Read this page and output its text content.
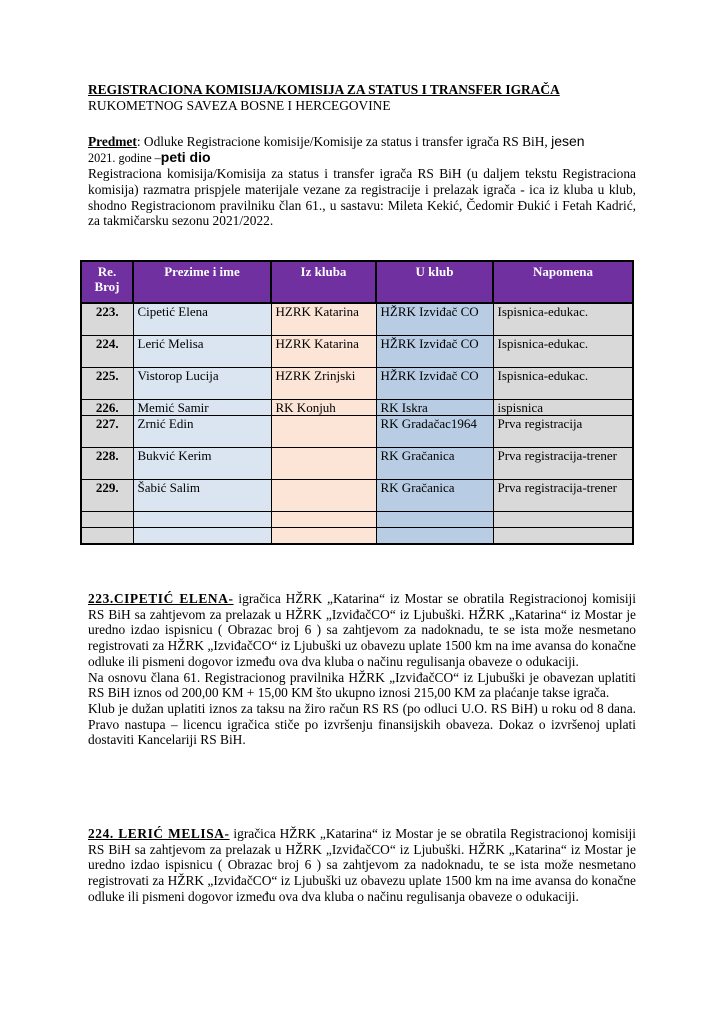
REGISTRACIONA KOMISIJA/KOMISIJA ZA STATUS I TRANSFER IGRAČA
RUKOMETNOG SAVEZA BOSNE I HERCEGOVINE
Predmet: Odluke Registracione komisije/Komisije za status i transfer igrača RS BiH, jesen
2021. godine –peti dio
Registraciona komisija/Komisija za status i transfer igrača RS BiH (u daljem tekstu Registraciona komisija) razmatra prispjele materijale vezane za registracije i prelazak igrača - ica iz kluba u klub, shodno Registracionom pravilniku član 61., u sastavu: Mileta Kekić, Čedomir Đukić i Fetah Kadrić, za takmičarsku sezonu 2021/2022.
Re. Broj	Prezime i ime	Iz kluba	U klub	Napomena
223.	Cipetić Elena	HZRK Katarina	HŽRK Izviđač CO	Ispisnica-edukac.
224.	Lerić Melisa	HZRK Katarina	HŽRK Izviđač CO	Ispisnica-edukac.
225.	Vistorop Lucija	HZRK Zrinjski	HŽRK Izviđač CO	Ispisnica-edukac.
226.	Memić Samir	RK Konjuh	RK Iskra	ispisnica
227.	Zrnić Edin		RK Gradačac1964	Prva registracija
228.	Bukvić Kerim		RK Gračanica	Prva registracija-trener
229.	Šabić Salim		RK Gračanica	Prva registracija-trener

223.CIPETIĆ ELENA- igračica HŽRK „Katarina“ iz Mostar se obratila Registracionoj komisiji RS BiH sa zahtjevom za prelazak u HŽRK „IzviđačCO“ iz Ljubuški. HŽRK „Katarina“ iz Mostar je uredno izdao ispisnicu ( Obrazac broj 6 ) sa zahtjevom za nadoknadu, te se ista može nesmetano registrovati za HŽRK „IzviđačCO“ iz Ljubuški uz obavezu uplate 1500 km na ime avansa do konačne odluke ili pismeni dogovor između ova dva kluba o načinu regulisanja obaveze o odukaciji.

Na osnovu člana 61. Registracionog pravilnika HŽRK „IzviđačCO“ iz Ljubuški je obavezan uplatiti RS BiH iznos od 200,00 KM + 15,00 KM što ukupno iznosi 215,00 KM za plaćanje takse igrača.

Klub je dužan uplatiti iznos za taksu na žiro račun RS RS (po odluci U.O. RS BiH) u roku od 8 dana. Pravo nastupa – licencu igračica stiče po izvršenju finansijskih obaveza. Dokaz o izvršenoj uplati dostaviti Kancelariji RS BiH.

224. LERIĆ MELISA- igračica HŽRK „Katarina“ iz Mostar je se obratila Registracionoj komisiji RS BiH sa zahtjevom za prelazak u HŽRK „IzviđačCO“ iz Ljubuški. HŽRK „Katarina“ iz Mostar je uredno izdao ispisnicu ( Obrazac broj 6 ) sa zahtjevom za nadoknadu, te se ista može nesmetano registrovati za HŽRK „IzviđačCO“ iz Ljubuški uz obavezu uplate 1500 km na ime avansa do konačne odluke ili pismeni dogovor između ova dva kluba o načinu regulisanja obaveze o odukaciji.
